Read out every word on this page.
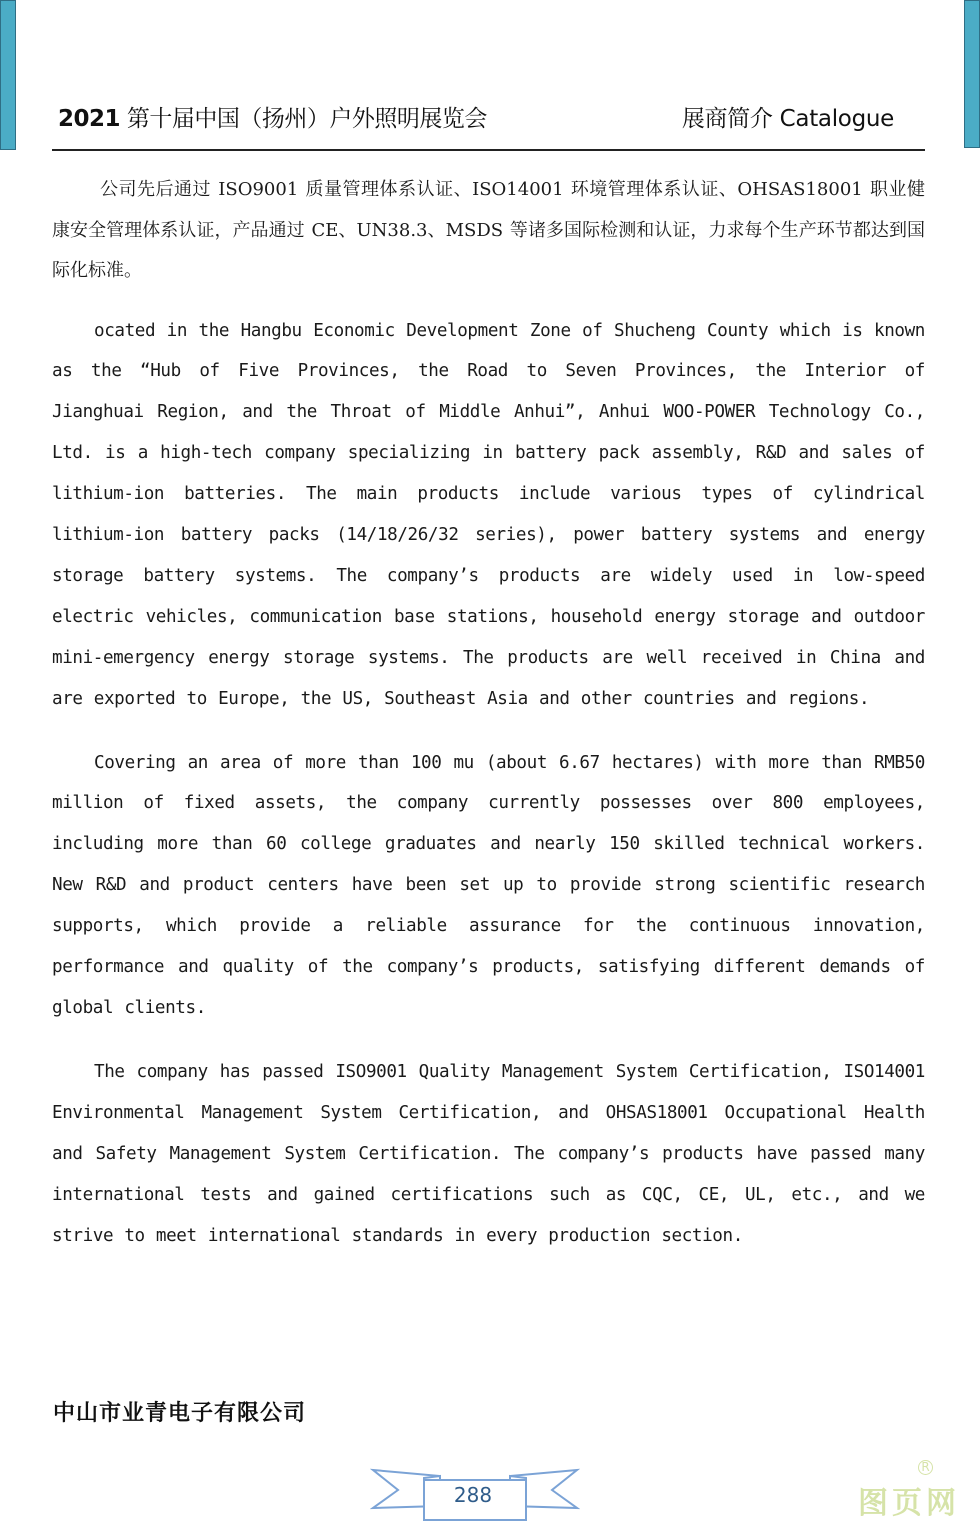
2021 第十届中国（扬州）户外照明展览会	展商简介 Catalogue

公司先后通过 ISO9001 质量管理体系认证、ISO14001 环境管理体系认证、OHSAS18001 职业健康安全管理体系认证，产品通过 CE、UN38.3、MSDS 等诸多国际检测和认证，力求每个生产环节都达到国际化标准。

ocated in the Hangbu Economic Development Zone of Shucheng County which is known as the “Hub of Five Provinces, the Road to Seven Provinces, the Interior of Jianghuai Region, and the Throat of Middle Anhui”, Anhui WOO-POWER Technology Co., Ltd. is a high-tech company specializing in battery pack assembly, R&D and sales of lithium-ion batteries. The main products include various types of cylindrical lithium-ion battery packs (14/18/26/32 series), power battery systems and energy storage battery systems. The company’s products are widely used in low-speed electric vehicles, communication base stations, household energy storage and outdoor mini-emergency energy storage systems. The products are well received in China and are exported to Europe, the US, Southeast Asia and other countries and regions.

Covering an area of more than 100 mu (about 6.67 hectares) with more than RMB50 million of fixed assets, the company currently possesses over 800 employees, including more than 60 college graduates and nearly 150 skilled technical workers. New R&D and product centers have been set up to provide strong scientific research supports, which provide a reliable assurance for the continuous innovation, performance and quality of the company’s products, satisfying different demands of global clients.

The company has passed ISO9001 Quality Management System Certification, ISO14001 Environmental Management System Certification, and OHSAS18001 Occupational Health and Safety Management System Certification. The company’s products have passed many international tests and gained certifications such as CQC, CE, UL, etc., and we strive to meet international standards in every production section.

中山市业青电子有限公司
288	图页网
R
